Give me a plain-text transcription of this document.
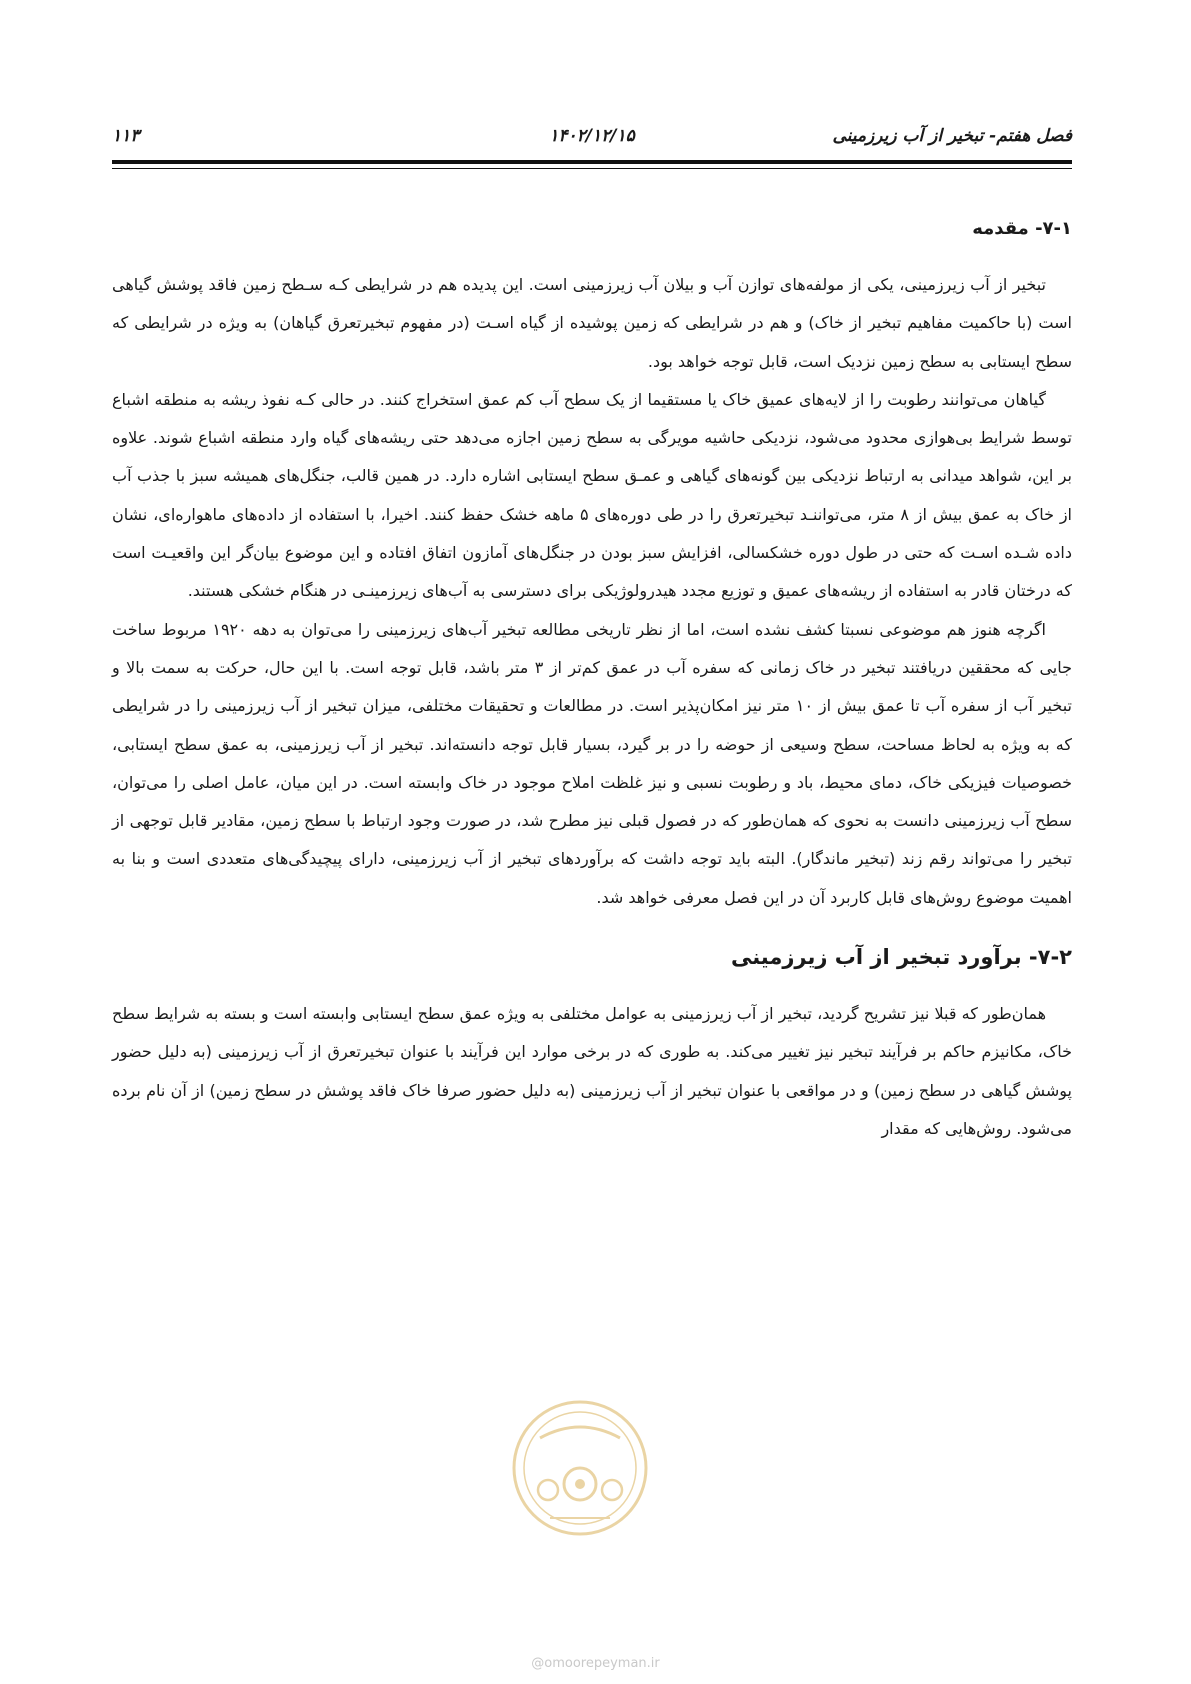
فصل هفتم- تبخیر از آب زیرزمینی
۱۴۰۲/۱۲/۱۵
۱۱۳
۷-۱- مقدمه

تبخیر از آب زیرزمینی، یکی از مولفه‌های توازن آب و بیلان آب زیرزمینی است. این پدیده هم در شرایطی کـه سـطح زمین فاقد پوشش گیاهی است (با حاکمیت مفاهیم تبخیر از خاک) و هم در شرایطی که زمین پوشیده از گیاه اسـت (در مفهوم تبخیرتعرق گیاهان) به ویژه در شرایطی که سطح ایستابی به سطح زمین نزدیک است، قابل توجه خواهد بود.

گیاهان می‌توانند رطوبت را از لایه‌های عمیق خاک یا مستقیما از یک سطح آب کم عمق استخراج کنند. در حالی کـه نفوذ ریشه به منطقه اشباع توسط شرایط بی‌هوازی محدود می‌شود، نزدیکی حاشیه مویرگی به سطح زمین اجازه می‌دهد حتی ریشه‌های گیاه وارد منطقه اشباع شوند. علاوه بر این، شواهد میدانی به ارتباط نزدیکی بین گونه‌های گیاهی و عمـق سطح ایستابی اشاره دارد. در همین قالب، جنگل‌های همیشه سبز با جذب آب از خاک به عمق بیش از ۸ متر، می‌تواننـد تبخیرتعرق را در طی دوره‌های ۵ ماهه خشک حفظ کنند. اخیرا، با استفاده از داده‌های ماهواره‌ای، نشان داده شـده اسـت که حتی در طول دوره خشکسالی، افزایش سبز بودن در جنگل‌های آمازون اتفاق افتاده و این موضوع بیان‌گر این واقعیـت است که درختان قادر به استفاده از ریشه‌های عمیق و توزیع مجدد هیدرولوژیکی برای دسترسی به آب‌های زیرزمینـی در هنگام خشکی هستند.

اگرچه هنوز هم موضوعی نسبتا کشف نشده است، اما از نظر تاریخی مطالعه تبخیر آب‌های زیرزمینی را می‌توان به دهه ۱۹۲۰ مربوط ساخت جایی که محققین دریافتند تبخیر در خاک زمانی که سفره آب در عمق کم‌تر از ۳ متر باشد، قابل توجه است. با این حال، حرکت به سمت بالا و تبخیر آب از سفره آب تا عمق بیش از ۱۰ متر نیز امکان‌پذیر است. در مطالعات و تحقیقات مختلفی، میزان تبخیر از آب زیرزمینی را در شرایطی که به ویژه به لحاظ مساحت، سطح وسیعی از حوضه را در بر گیرد، بسیار قابل توجه دانسته‌اند. تبخیر از آب زیرزمینی، به عمق سطح ایستابی، خصوصیات فیزیکی خاک، دمای محیط، باد و رطوبت نسبی و نیز غلظت املاح موجود در خاک وابسته است. در این میان، عامل اصلی را می‌توان، سطح آب زیرزمینی دانست به نحوی که همان‌طور که در فصول قبلی نیز مطرح شد، در صورت وجود ارتباط با سطح زمین، مقادیر قابل توجهی از تبخیر را می‌تواند رقم زند (تبخیر ماندگار). البته باید توجه داشت که برآوردهای تبخیر از آب زیرزمینی، دارای پیچیدگی‌های متعددی است و بنا به اهمیت موضوع روش‌های قابل کاربرد آن در این فصل معرفی خواهد شد.

۷-۲- برآورد تبخیر از آب زیرزمینی

همان‌طور که قبلا نیز تشریح گردید، تبخیر از آب زیرزمینی به عوامل مختلفی به ویژه عمق سطح ایستابی وابسته است و بسته به شرایط سطح خاک، مکانیزم حاکم بر فرآیند تبخیر نیز تغییر می‌کند. به طوری که در برخی موارد این فرآیند با عنوان تبخیرتعرق از آب زیرزمینی (به دلیل حضور پوشش گیاهی در سطح زمین) و در مواقعی با عنوان تبخیر از آب زیرزمینی (به دلیل حضور صرفا خاک فاقد پوشش در سطح زمین) از آن نام برده می‌شود. روش‌هایی که مقدار

@omoorepeyman.ir
